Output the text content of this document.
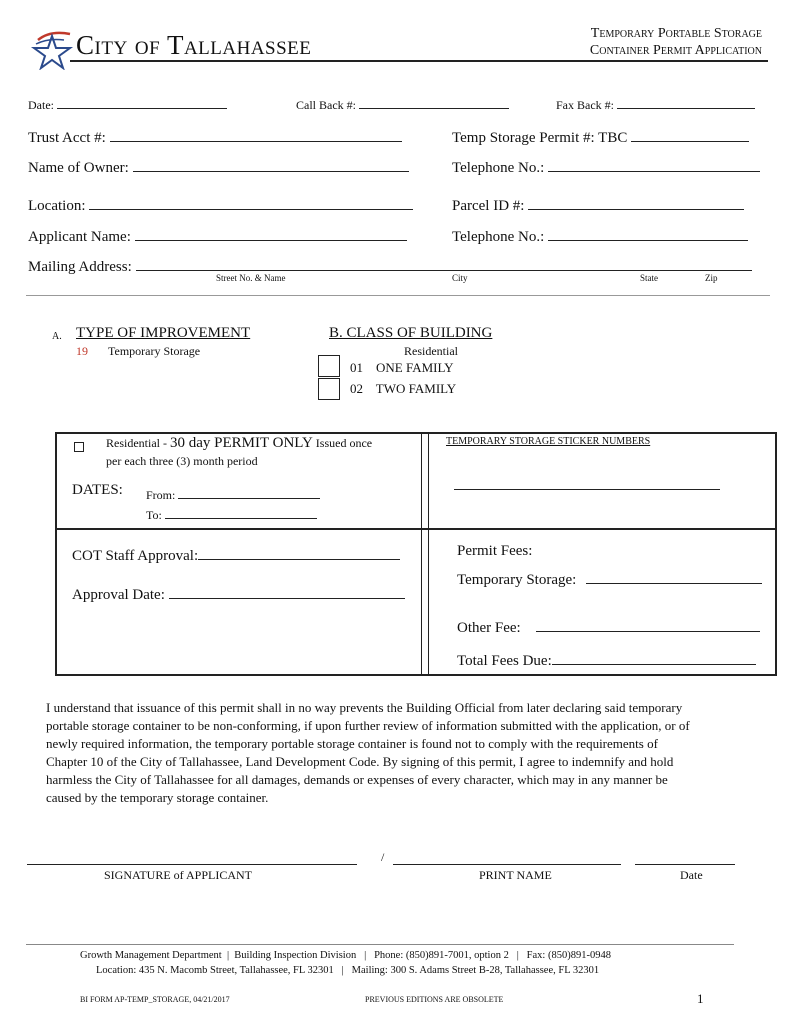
City of Tallahassee	Temporary Portable Storage
Container Permit Application
Date:	Call Back #:	Fax Back #:
Trust Acct #:	Temp Storage Permit #: TBC
Name of Owner:	Telephone No.:
Location:	Parcel ID #:
Applicant Name:	Telephone No.:
Mailing Address:
Street No. & Name	City	State	Zip
A. TYPE OF IMPROVEMENT
19 Temporary Storage
B. CLASS OF BUILDING
Residential
01    ONE FAMILY
02    TWO FAMILY
Residential - 30 day PERMIT ONLY Issued once
per each three (3) month period
DATES: From:
To:
TEMPORARY STORAGE STICKER NUMBERS
COT Staff Approval:
Approval Date:
Permit Fees:
Temporary Storage:
Other Fee:
Total Fees Due:
I understand that issuance of this permit shall in no way prevents the Building Official from later declaring said temporary
portable storage container to be non-conforming, if upon further review of information submitted with the application, or of
newly required information, the temporary portable storage container is found not to comply with the requirements of
Chapter 10 of the City of Tallahassee, Land Development Code. By signing of this permit, I agree to indemnify and hold
harmless the City of Tallahassee for all damages, demands or expenses of every character, which may in any manner be
caused by the temporary storage container.
/
SIGNATURE of APPLICANT	PRINT NAME	Date
Growth Management Department  |  Building Inspection Division   |   Phone: (850)891-7001, option 2   |   Fax: (850)891-0948
Location: 435 N. Macomb Street, Tallahassee, FL 32301   |   Mailing: 300 S. Adams Street B-28, Tallahassee, FL 32301
BI FORM AP-TEMP_STORAGE, 04/21/2017	PREVIOUS EDITIONS ARE OBSOLETE	1
